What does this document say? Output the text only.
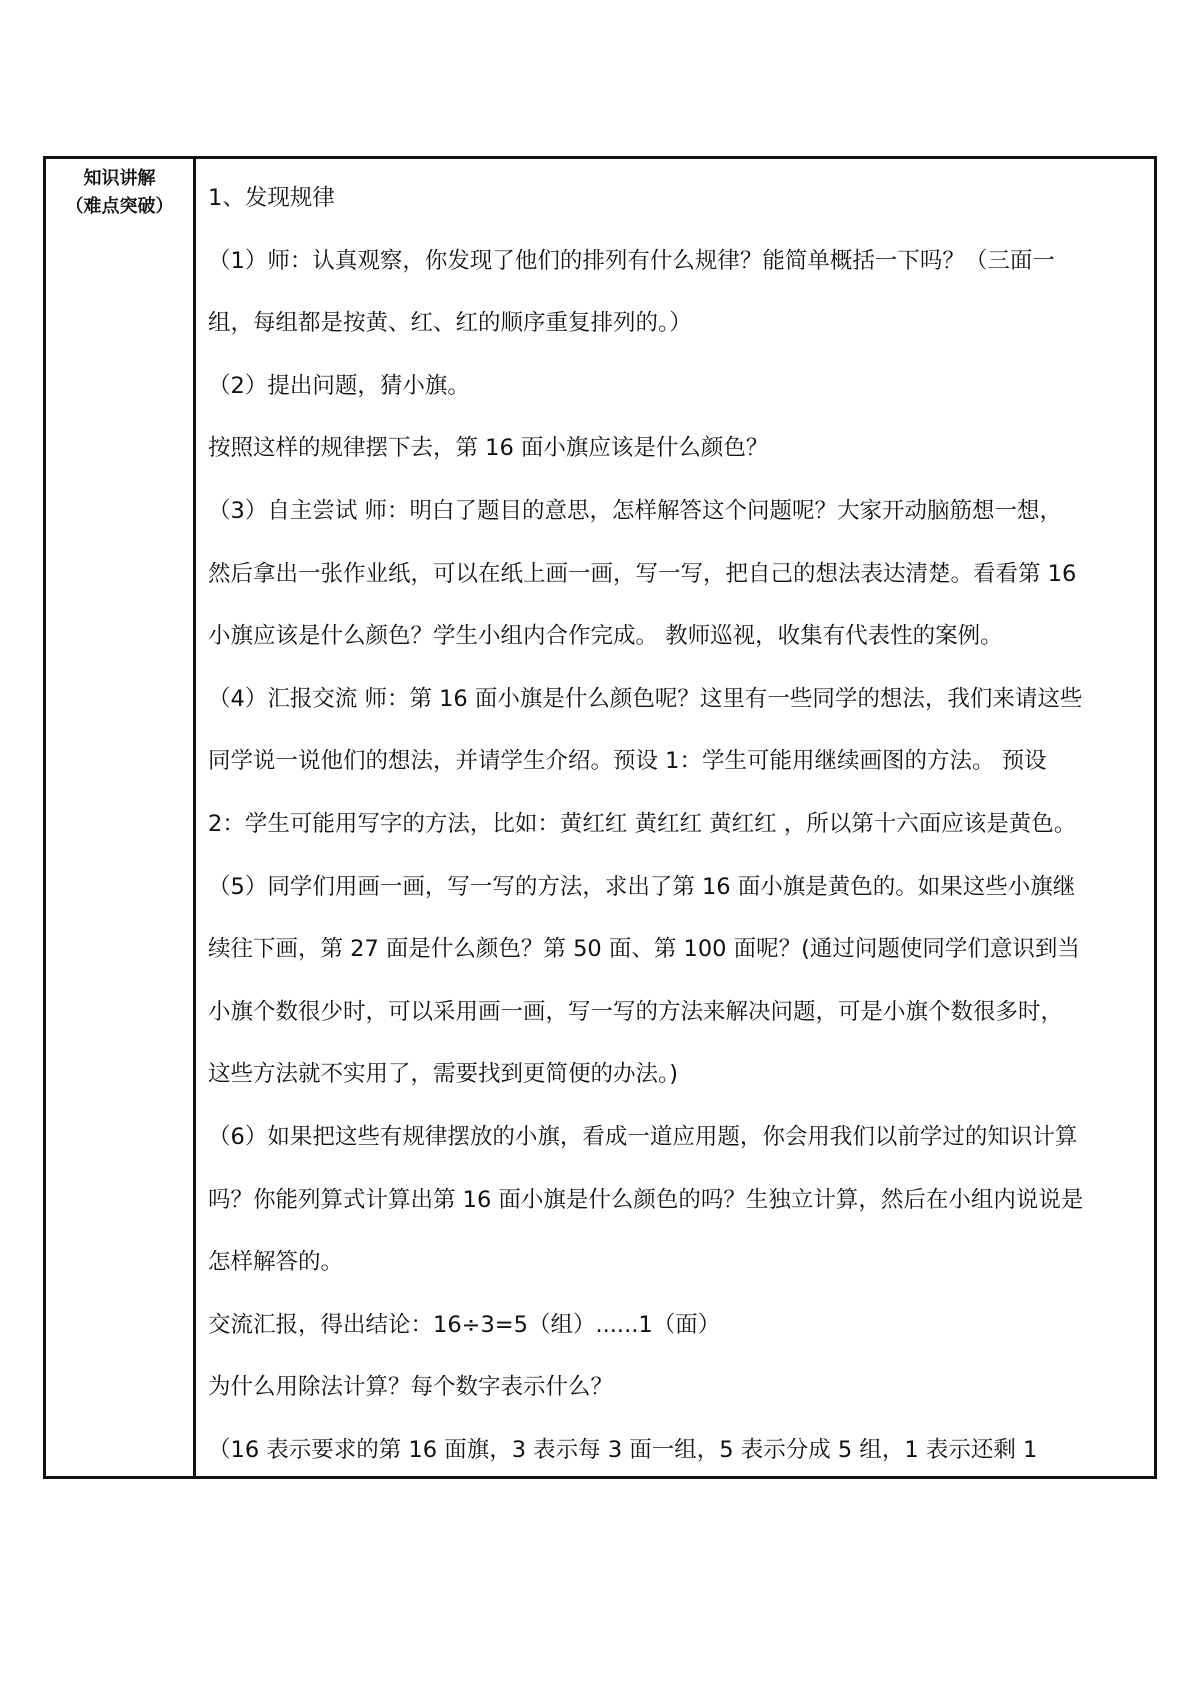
知识讲解
（难点突破）	1、发现规律

（1）师：认真观察，你发现了他们的排列有什么规律？能简单概括一下吗？（三面一

组，每组都是按黄、红、红的顺序重复排列的。）

（2）提出问题，猜小旗。

按照这样的规律摆下去，第 16 面小旗应该是什么颜色？

（3）自主尝试 师：明白了题目的意思，怎样解答这个问题呢？大家开动脑筋想一想，

然后拿出一张作业纸，可以在纸上画一画，写一写，把自己的想法表达清楚。看看第 16

小旗应该是什么颜色？学生小组内合作完成。 教师巡视，收集有代表性的案例。

（4）汇报交流 师：第 16 面小旗是什么颜色呢？这里有一些同学的想法，我们来请这些

同学说一说他们的想法，并请学生介绍。预设 1：学生可能用继续画图的方法。 预设

2：学生可能用写字的方法，比如：黄红红 黄红红 黄红红 ，所以第十六面应该是黄色。

（5）同学们用画一画，写一写的方法，求出了第 16 面小旗是黄色的。如果这些小旗继

续往下画，第 27 面是什么颜色？第 50 面、第 100 面呢？(通过问题使同学们意识到当

小旗个数很少时，可以采用画一画，写一写的方法来解决问题，可是小旗个数很多时，

这些方法就不实用了，需要找到更简便的办法。)

（6）如果把这些有规律摆放的小旗，看成一道应用题，你会用我们以前学过的知识计算

吗？你能列算式计算出第 16 面小旗是什么颜色的吗？生独立计算，然后在小组内说说是

怎样解答的。

交流汇报，得出结论：16÷3=5（组）......1（面）

为什么用除法计算？每个数字表示什么？

（16 表示要求的第 16 面旗，3 表示每 3 面一组，5 表示分成 5 组，1 表示还剩 1
